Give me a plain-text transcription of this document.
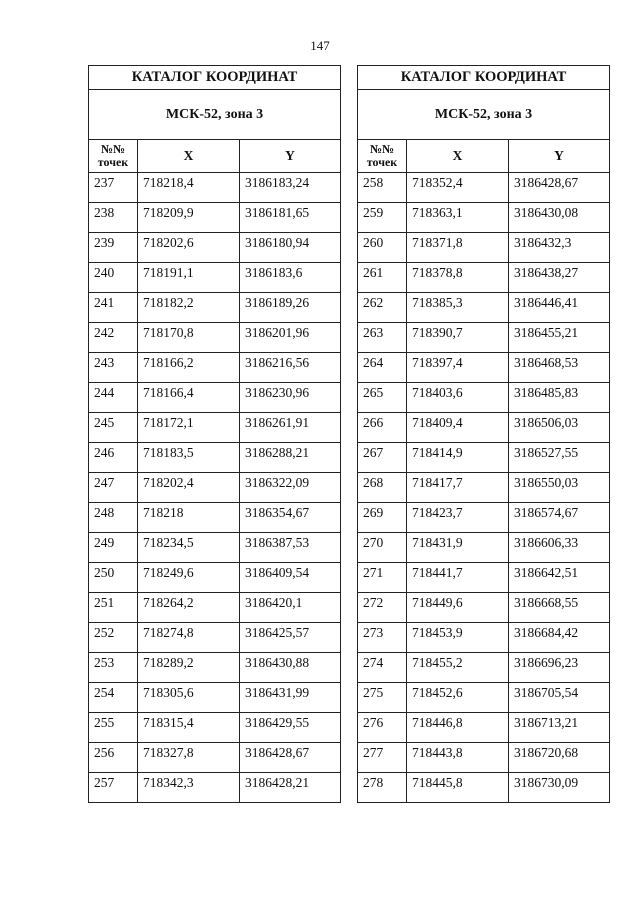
147
КАТАЛОГ КООРДИНАТ		
МСК-52, зона 3		

№№
точек	X	Y
237	718218,4	3186183,24
238	718209,9	3186181,65
239	718202,6	3186180,94
240	718191,1	3186183,6
241	718182,2	3186189,26
242	718170,8	3186201,96
243	718166,2	3186216,56
244	718166,4	3186230,96
245	718172,1	3186261,91
246	718183,5	3186288,21
247	718202,4	3186322,09
248	718218	3186354,67
249	718234,5	3186387,53
250	718249,6	3186409,54
251	718264,2	3186420,1
252	718274,8	3186425,57
253	718289,2	3186430,88
254	718305,6	3186431,99
255	718315,4	3186429,55
256	718327,8	3186428,67
257	718342,3	3186428,21
КАТАЛОГ КООРДИНАТ		
МСК-52, зона 3		

№№
точек	X	Y
258	718352,4	3186428,67
259	718363,1	3186430,08
260	718371,8	3186432,3
261	718378,8	3186438,27
262	718385,3	3186446,41
263	718390,7	3186455,21
264	718397,4	3186468,53
265	718403,6	3186485,83
266	718409,4	3186506,03
267	718414,9	3186527,55
268	718417,7	3186550,03
269	718423,7	3186574,67
270	718431,9	3186606,33
271	718441,7	3186642,51
272	718449,6	3186668,55
273	718453,9	3186684,42
274	718455,2	3186696,23
275	718452,6	3186705,54
276	718446,8	3186713,21
277	718443,8	3186720,68
278	718445,8	3186730,09
